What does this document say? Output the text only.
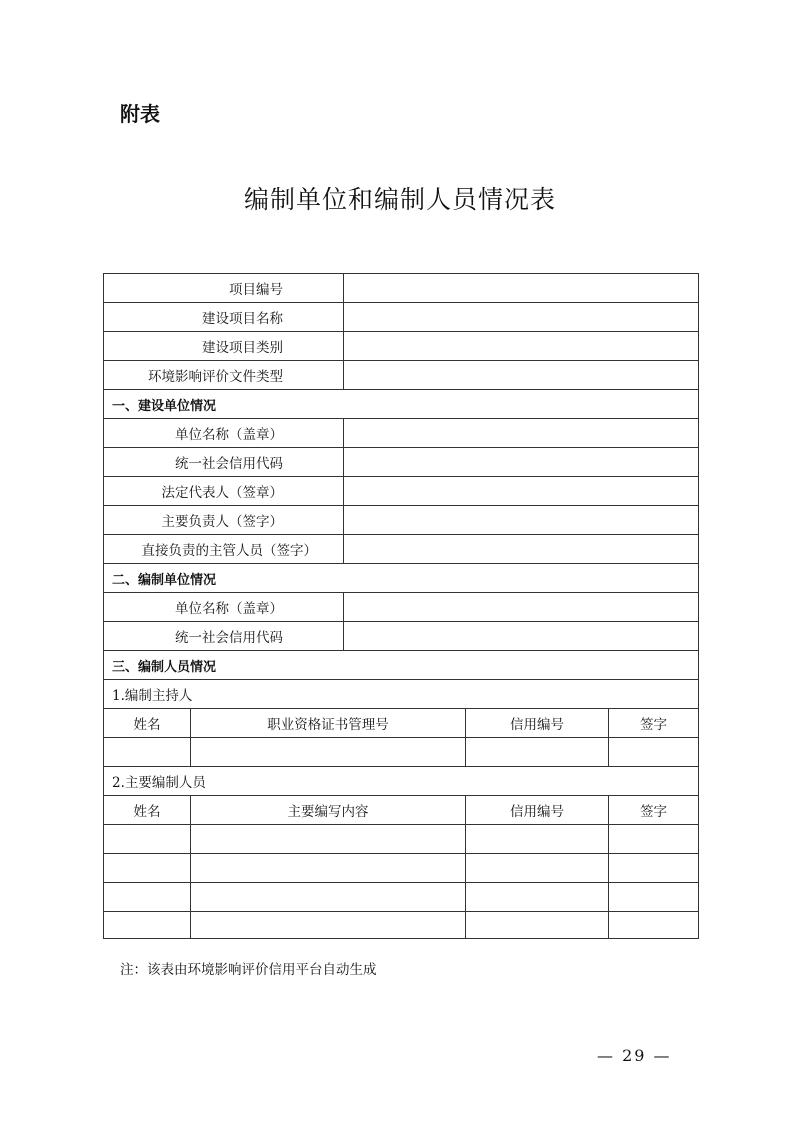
附表
编制单位和编制人员情况表
项目编号				
建设项目名称				
建设项目类别				
环境影响评价文件类型				
一、建设单位情况				
单位名称（盖章）				
统一社会信用代码				
法定代表人（签章）				
主要负责人（签字）				
直接负责的主管人员（签字）				
二、编制单位情况				
单位名称（盖章）				
统一社会信用代码				
三、编制人员情况				
1.编制主持人				
姓名	职业资格证书管理号		信用编号	签字

2.主要编制人员				
姓名	主要编写内容		信用编号	签字

注：该表由环境影响评价信用平台自动生成
— 29 —
